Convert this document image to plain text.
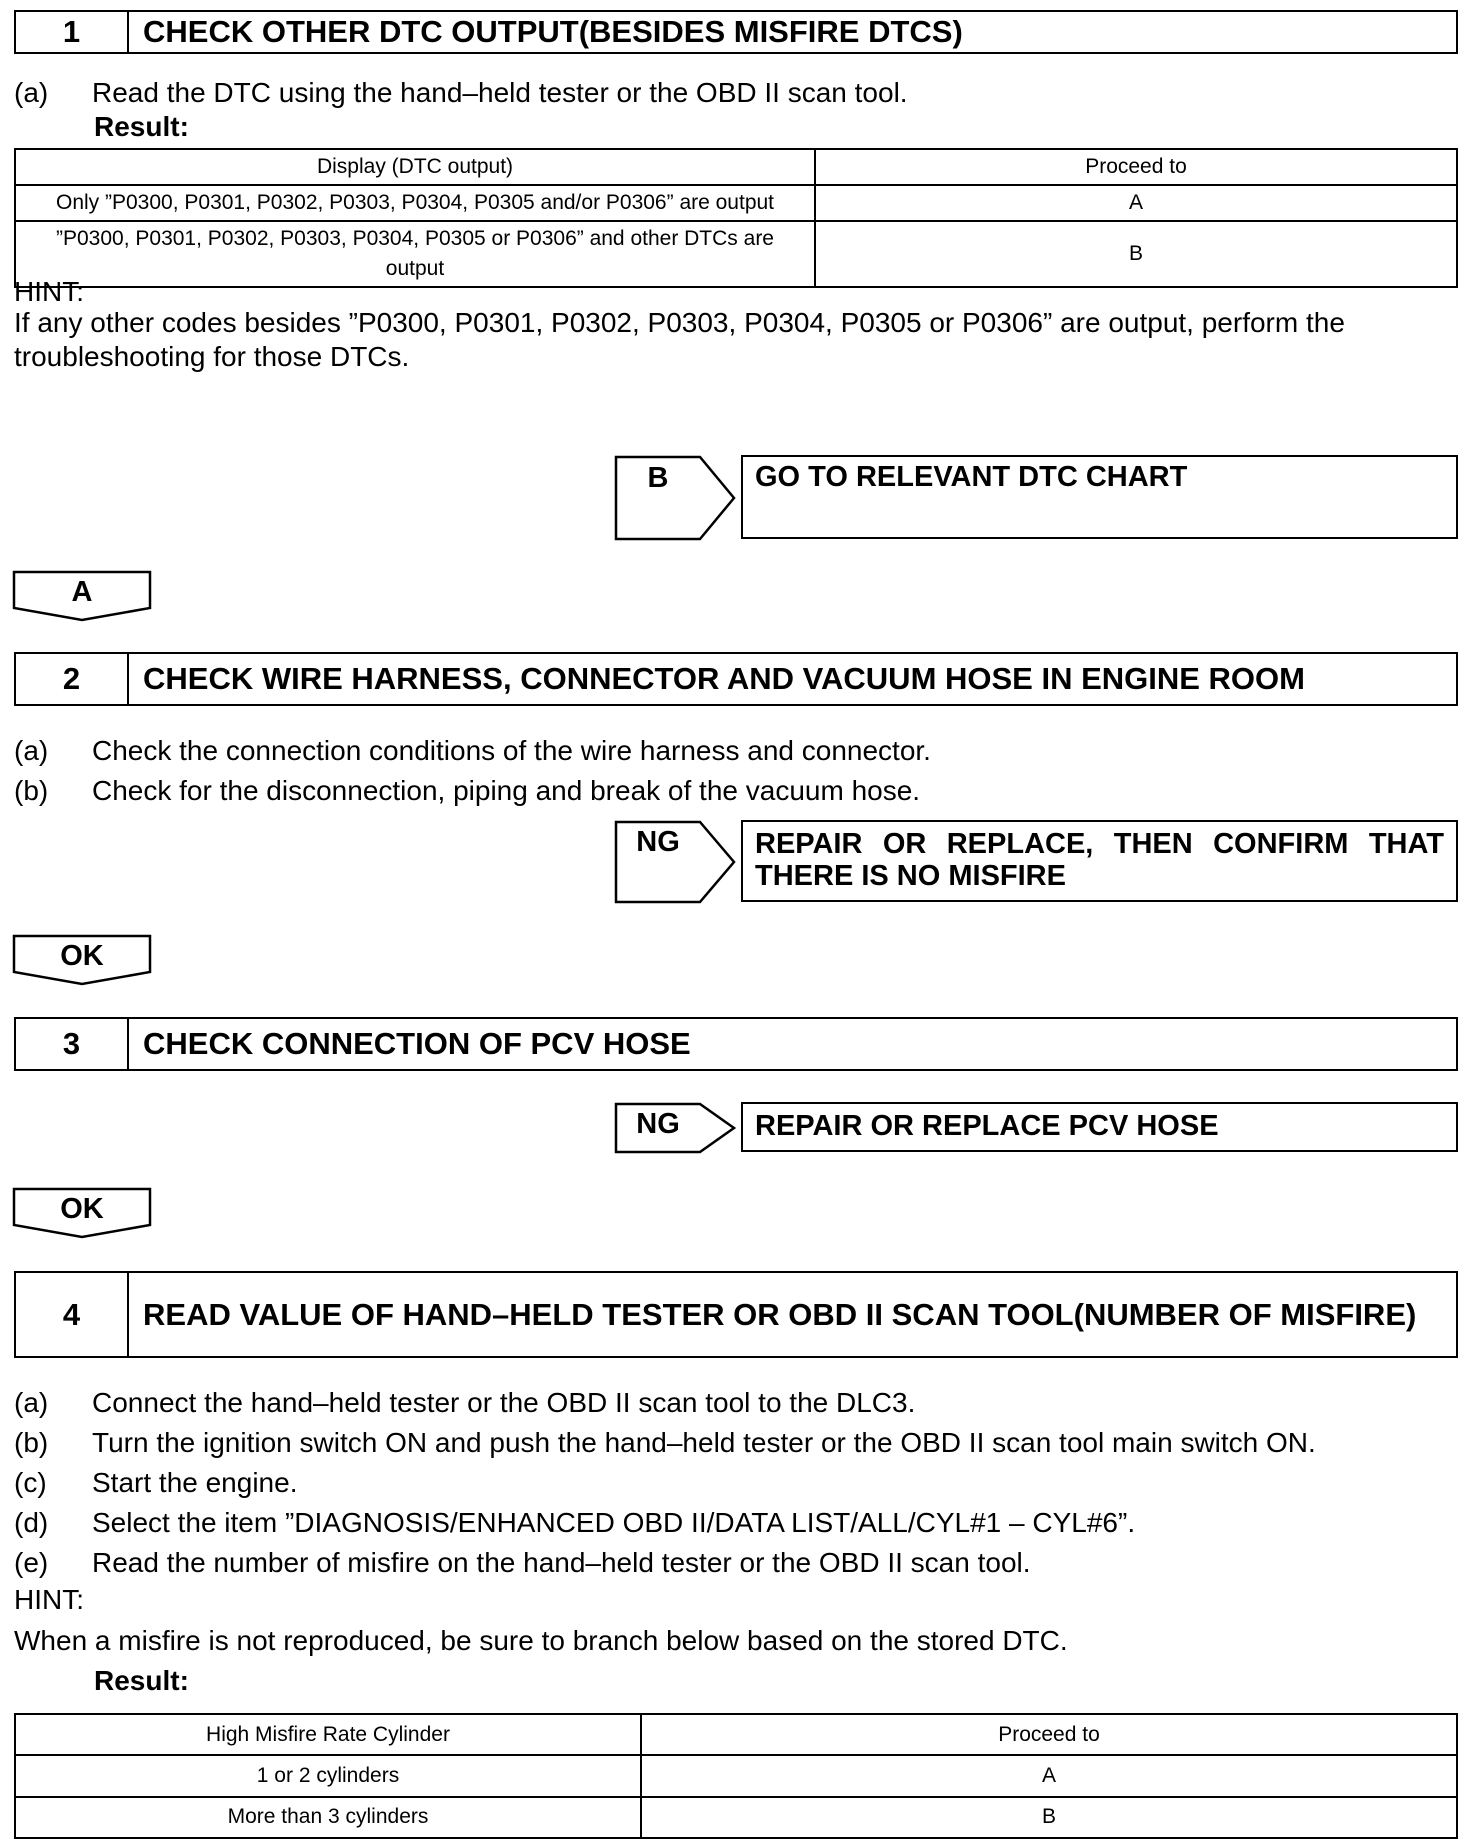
1	CHECK OTHER DTC OUTPUT(BESIDES MISFIRE DTCS)
(a) Read the DTC using the hand–held tester or the OBD II scan tool.
Result:
Display (DTC output)	Proceed to
Only ”P0300, P0301, P0302, P0303, P0304, P0305 and/or P0306” are output	A
”P0300, P0301, P0302, P0303, P0304, P0305 or P0306” and other DTCs are output	B
HINT:
If any other codes besides ”P0300, P0301, P0302, P0303, P0304, P0305 or P0306” are output, perform the troubleshooting for those DTCs.
B	GO TO RELEVANT DTC CHART
A
2	CHECK WIRE HARNESS, CONNECTOR AND VACUUM HOSE IN ENGINE ROOM
(a) Check the connection conditions of the wire harness and connector.
(b) Check for the disconnection, piping and break of the vacuum hose.
NG	REPAIR OR REPLACE, THEN CONFIRM THAT THERE IS NO MISFIRE
OK
3	CHECK CONNECTION OF PCV HOSE
NG	REPAIR OR REPLACE PCV HOSE
OK
4	READ VALUE OF HAND–HELD TESTER OR OBD II SCAN TOOL(NUMBER OF MISFIRE)
(a) Connect the hand–held tester or the OBD II scan tool to the DLC3.
(b) Turn the ignition switch ON and push the hand–held tester or the OBD II scan tool main switch ON.
(c) Start the engine.
(d) Select the item ”DIAGNOSIS/ENHANCED OBD II/DATA LIST/ALL/CYL#1 – CYL#6”.
(e) Read the number of misfire on the hand–held tester or the OBD II scan tool.
HINT:
When a misfire is not reproduced, be sure to branch below based on the stored DTC.
Result:
High Misfire Rate Cylinder	Proceed to
1 or 2 cylinders	A
More than 3 cylinders	B
